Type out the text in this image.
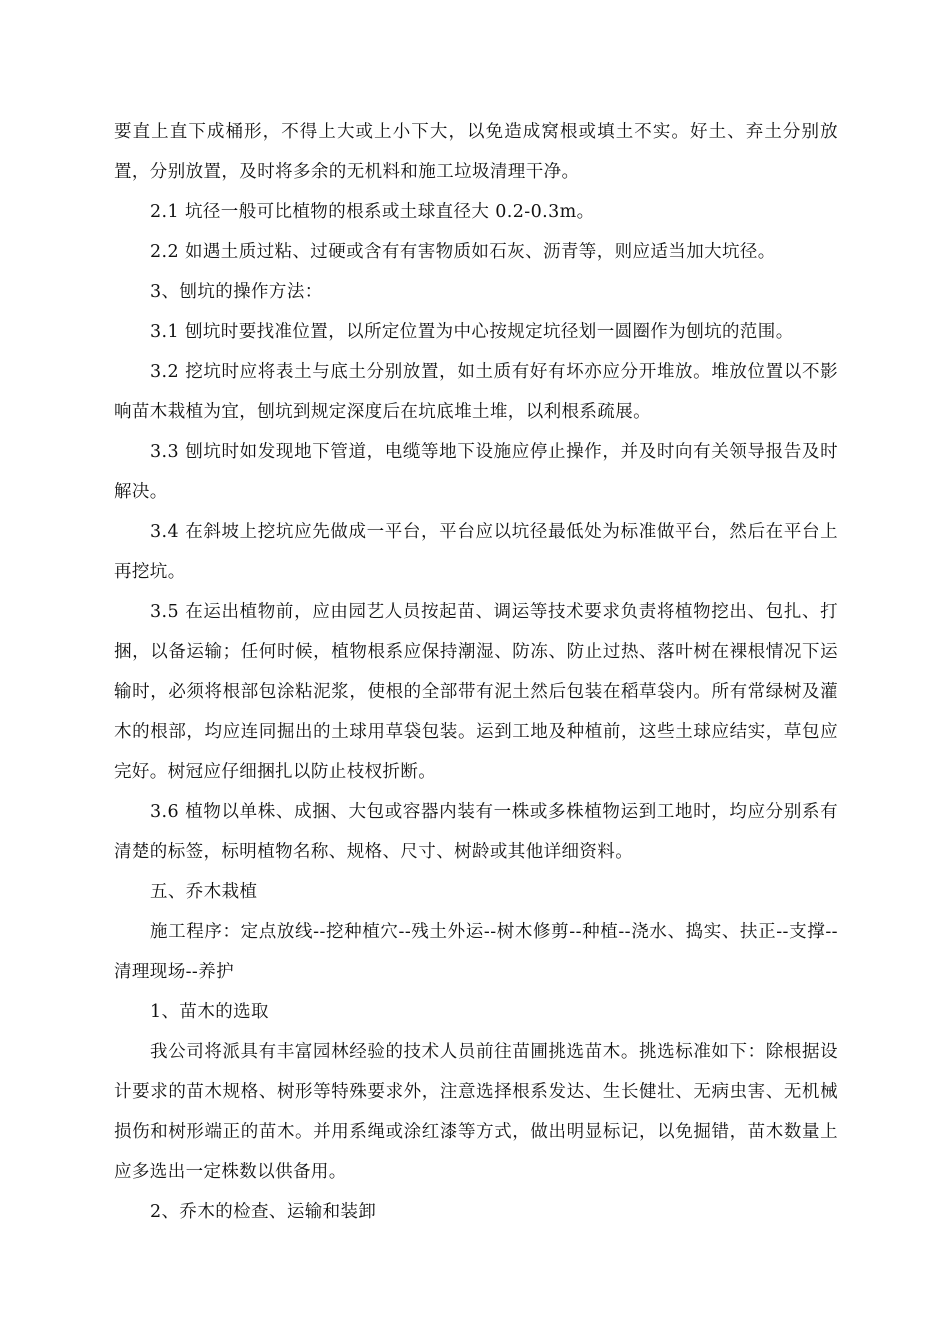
要直上直下成桶形，不得上大或上小下大，以免造成窝根或填土不实。好土、弃土分别放置，分别放置，及时将多余的无机料和施工垃圾清理干净。

2.1 坑径一般可比植物的根系或土球直径大 0.2-0.3m。

2.2 如遇土质过粘、过硬或含有有害物质如石灰、沥青等，则应适当加大坑径。

3、刨坑的操作方法：

3.1 刨坑时要找准位置，以所定位置为中心按规定坑径划一圆圈作为刨坑的范围。

3.2 挖坑时应将表土与底土分别放置，如土质有好有坏亦应分开堆放。堆放位置以不影响苗木栽植为宜，刨坑到规定深度后在坑底堆土堆，以利根系疏展。

3.3 刨坑时如发现地下管道，电缆等地下设施应停止操作，并及时向有关领导报告及时解决。

3.4 在斜坡上挖坑应先做成一平台，平台应以坑径最低处为标准做平台，然后在平台上再挖坑。

3.5 在运出植物前，应由园艺人员按起苗、调运等技术要求负责将植物挖出、包扎、打捆，以备运输；任何时候，植物根系应保持潮湿、防冻、防止过热、落叶树在裸根情况下运输时，必须将根部包涂粘泥浆，使根的全部带有泥土然后包装在稻草袋内。所有常绿树及灌木的根部，均应连同掘出的土球用草袋包装。运到工地及种植前，这些土球应结实，草包应完好。树冠应仔细捆扎以防止枝杈折断。

3.6 植物以单株、成捆、大包或容器内装有一株或多株植物运到工地时，均应分别系有清楚的标签，标明植物名称、规格、尺寸、树龄或其他详细资料。

五、乔木栽植

施工程序：定点放线--挖种植穴--残土外运--树木修剪--种植--浇水、捣实、扶正--支撑--清理现场--养护

1、苗木的选取

我公司将派具有丰富园林经验的技术人员前往苗圃挑选苗木。挑选标准如下：除根据设计要求的苗木规格、树形等特殊要求外，注意选择根系发达、生长健壮、无病虫害、无机械损伤和树形端正的苗木。并用系绳或涂红漆等方式，做出明显标记，以免掘错，苗木数量上应多选出一定株数以供备用。

2、乔木的检查、运输和装卸
